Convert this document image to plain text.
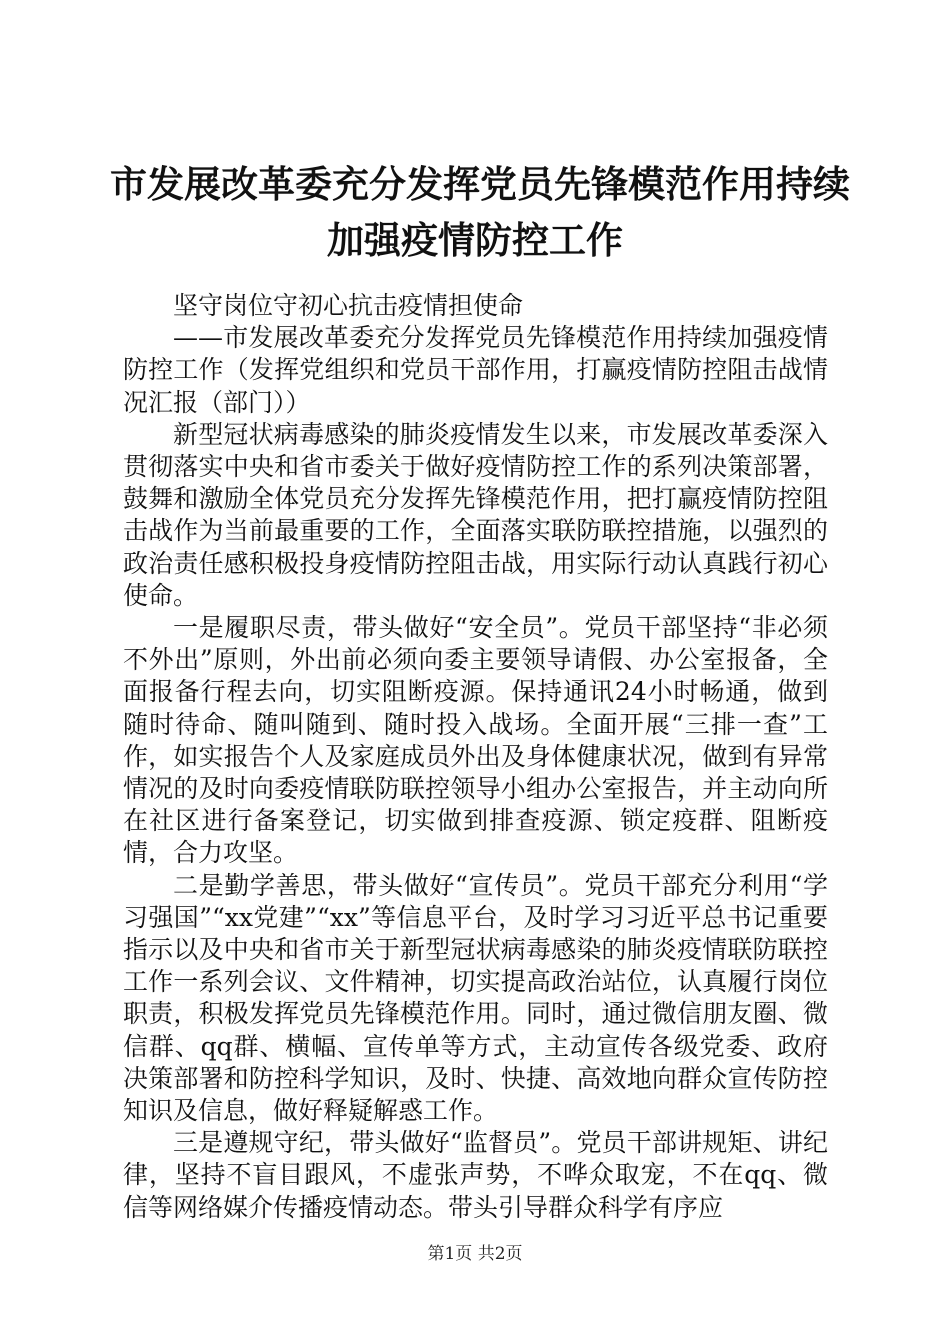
市发展改革委充分发挥党员先锋模范作用持续
加强疫情防控工作

坚守岗位守初心抗击疫情担使命

——市发展改革委充分发挥党员先锋模范作用持续加强疫情防控工作（发挥党组织和党员干部作用，打赢疫情防控阻击战情况汇报（部门））

新型冠状病毒感染的肺炎疫情发生以来，市发展改革委深入贯彻落实中央和省市委关于做好疫情防控工作的系列决策部署，鼓舞和激励全体党员充分发挥先锋模范作用，把打赢疫情防控阻击战作为当前最重要的工作，全面落实联防联控措施，以强烈的政治责任感积极投身疫情防控阻击战，用实际行动认真践行初心使命。

一是履职尽责，带头做好“安全员”。党员干部坚持“非必须不外出”原则，外出前必须向委主要领导请假、办公室报备，全面报备行程去向，切实阻断疫源。保持通讯24小时畅通，做到随时待命、随叫随到、随时投入战场。全面开展“三排一查”工作，如实报告个人及家庭成员外出及身体健康状况，做到有异常情况的及时向委疫情联防联控领导小组办公室报告，并主动向所在社区进行备案登记，切实做到排查疫源、锁定疫群、阻断疫情，合力攻坚。

二是勤学善思，带头做好“宣传员”。党员干部充分利用“学习强国”“xx党建”“xx”等信息平台，及时学习习近平总书记重要指示以及中央和省市关于新型冠状病毒感染的肺炎疫情联防联控工作一系列会议、文件精神，切实提高政治站位，认真履行岗位职责，积极发挥党员先锋模范作用。同时，通过微信朋友圈、微信群、qq群、横幅、宣传单等方式，主动宣传各级党委、政府决策部署和防控科学知识，及时、快捷、高效地向群众宣传防控知识及信息，做好释疑解惑工作。

三是遵规守纪，带头做好“监督员”。党员干部讲规矩、讲纪律，坚持不盲目跟风，不虚张声势，不哗众取宠，不在qq、微信等网络媒介传播疫情动态。带头引导群众科学有序应

第1页 共2页
